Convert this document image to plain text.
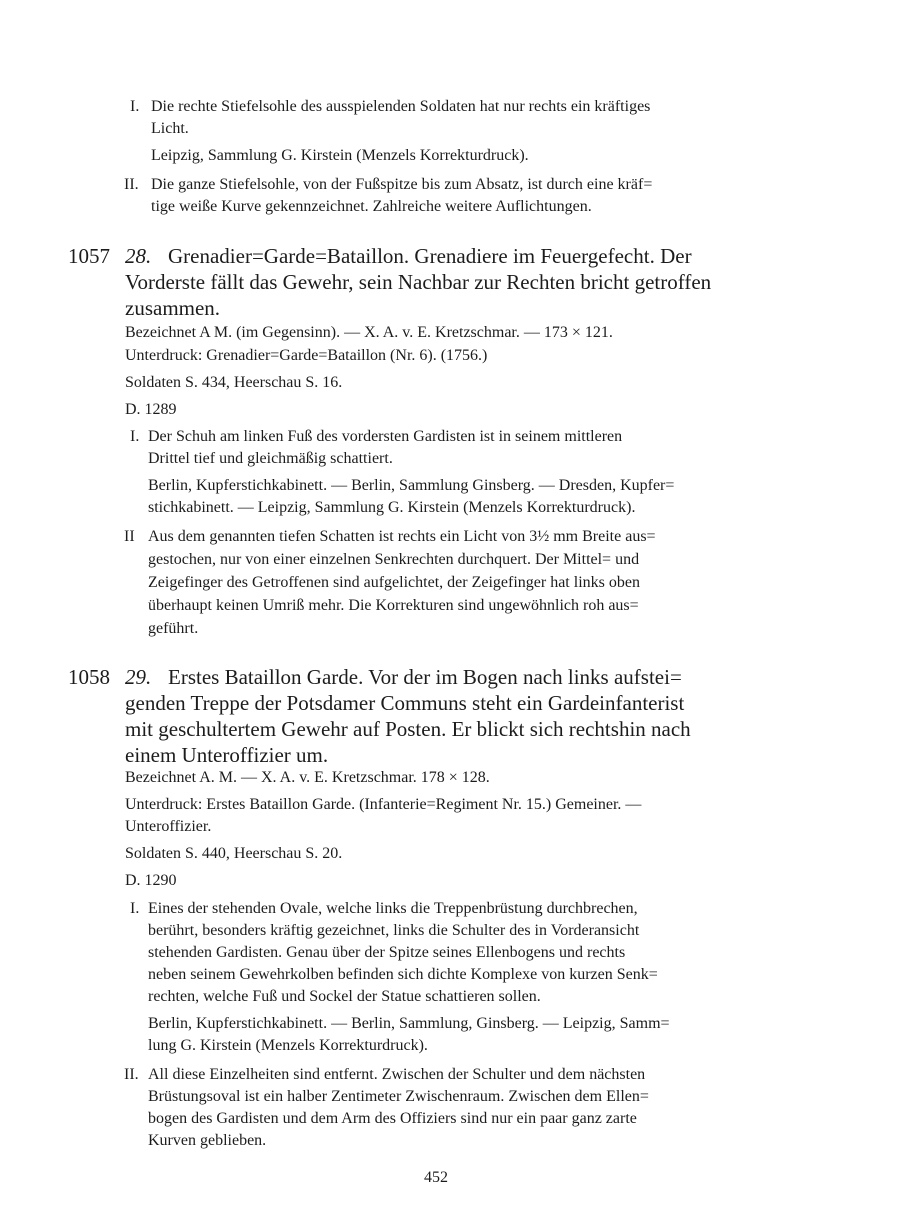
I. Die rechte Stiefelsohle des ausspielenden Soldaten hat nur rechts ein kräftiges

Licht.

Leipzig, Sammlung G. Kirstein (Menzels Korrekturdruck).

II. Die ganze Stiefelsohle, von der Fußspitze bis zum Absatz, ist durch eine kräf=

tige weiße Kurve gekennzeichnet. Zahlreiche weitere Auflichtungen.

1057 28. Grenadier=Garde=Bataillon. Grenadiere im Feuergefecht. Der

Vorderste fällt das Gewehr, sein Nachbar zur Rechten bricht getroffen

zusammen.

Bezeichnet A M. (im Gegensinn). — X. A. v. E. Kretzschmar. — 173 × 121.

Unterdruck: Grenadier=Garde=Bataillon (Nr. 6). (1756.)

Soldaten S. 434, Heerschau S. 16.

D. 1289

I. Der Schuh am linken Fuß des vordersten Gardisten ist in seinem mittleren

Drittel tief und gleichmäßig schattiert.

Berlin, Kupferstichkabinett. — Berlin, Sammlung Ginsberg. — Dresden, Kupfer=

stichkabinett. — Leipzig, Sammlung G. Kirstein (Menzels Korrekturdruck).

II Aus dem genannten tiefen Schatten ist rechts ein Licht von 3½ mm Breite aus=

gestochen, nur von einer einzelnen Senkrechten durchquert. Der Mittel= und

Zeigefinger des Getroffenen sind aufgelichtet, der Zeigefinger hat links oben

überhaupt keinen Umriß mehr. Die Korrekturen sind ungewöhnlich roh aus=

geführt.

1058 29. Erstes Bataillon Garde. Vor der im Bogen nach links aufstei=

genden Treppe der Potsdamer Communs steht ein Gardeinfanterist

mit geschultertem Gewehr auf Posten. Er blickt sich rechtshin nach

einem Unteroffizier um.

Bezeichnet A. M. — X. A. v. E. Kretzschmar. 178 × 128.

Unterdruck: Erstes Bataillon Garde. (Infanterie=Regiment Nr. 15.) Gemeiner. —

Unteroffizier.

Soldaten S. 440, Heerschau S. 20.

D. 1290

I. Eines der stehenden Ovale, welche links die Treppenbrüstung durchbrechen,

berührt, besonders kräftig gezeichnet, links die Schulter des in Vorderansicht

stehenden Gardisten. Genau über der Spitze seines Ellenbogens und rechts

neben seinem Gewehrkolben befinden sich dichte Komplexe von kurzen Senk=

rechten, welche Fuß und Sockel der Statue schattieren sollen.

Berlin, Kupferstichkabinett. — Berlin, Sammlung, Ginsberg. — Leipzig, Samm=

lung G. Kirstein (Menzels Korrekturdruck).

II. All diese Einzelheiten sind entfernt. Zwischen der Schulter und dem nächsten

Brüstungsoval ist ein halber Zentimeter Zwischenraum. Zwischen dem Ellen=

bogen des Gardisten und dem Arm des Offiziers sind nur ein paar ganz zarte

Kurven geblieben.

452
